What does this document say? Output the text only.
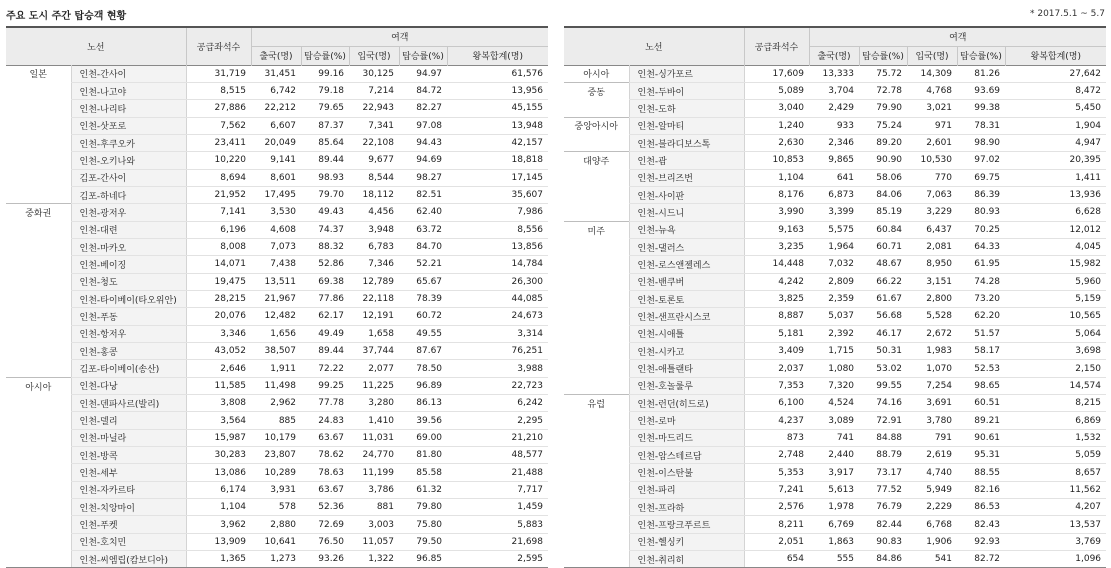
주요 도시 주간 탑승객 현황	* 2017.5.1 ~ 5.7
노선		공급좌석수	여객				
			출국(명)	탑승률(%)	입국(명)	탑승률(%)	왕복합계(명)
일본	인천-간사이	31,719	31,451	99.16	30,125	94.97	61,576
	인천-나고야	8,515	6,742	79.18	7,214	84.72	13,956
	인천-나리타	27,886	22,212	79.65	22,943	82.27	45,155
	인천-삿포로	7,562	6,607	87.37	7,341	97.08	13,948
	인천-후쿠오카	23,411	20,049	85.64	22,108	94.43	42,157
	인천-오키나와	10,220	9,141	89.44	9,677	94.69	18,818
	김포-간사이	8,694	8,601	98.93	8,544	98.27	17,145
	김포-하네다	21,952	17,495	79.70	18,112	82.51	35,607
중화권	인천-광저우	7,141	3,530	49.43	4,456	62.40	7,986
	인천-대련	6,196	4,608	74.37	3,948	63.72	8,556
	인천-마카오	8,008	7,073	88.32	6,783	84.70	13,856
	인천-베이징	14,071	7,438	52.86	7,346	52.21	14,784
	인천-청도	19,475	13,511	69.38	12,789	65.67	26,300
	인천-타이베이(타오위안)	28,215	21,967	77.86	22,118	78.39	44,085
	인천-푸동	20,076	12,482	62.17	12,191	60.72	24,673
	인천-항저우	3,346	1,656	49.49	1,658	49.55	3,314
	인천-홍콩	43,052	38,507	89.44	37,744	87.67	76,251
	김포-타이베이(송산)	2,646	1,911	72.22	2,077	78.50	3,988
아시아	인천-다낭	11,585	11,498	99.25	11,225	96.89	22,723
	인천-덴파사르(발리)	3,808	2,962	77.78	3,280	86.13	6,242
	인천-델리	3,564	885	24.83	1,410	39.56	2,295
	인천-마닐라	15,987	10,179	63.67	11,031	69.00	21,210
	인천-방콕	30,283	23,807	78.62	24,770	81.80	48,577
	인천-세부	13,086	10,289	78.63	11,199	85.58	21,488
	인천-자카르타	6,174	3,931	63.67	3,786	61.32	7,717
	인천-치앙마이	1,104	578	52.36	881	79.80	1,459
	인천-푸켓	3,962	2,880	72.69	3,003	75.80	5,883
	인천-호치민	13,909	10,641	76.50	11,057	79.50	21,698
	인천-씨엠립(캄보디아)	1,365	1,273	93.26	1,322	96.85	2,595
노선		공급좌석수	여객				
			출국(명)	탑승률(%)	입국(명)	탑승률(%)	왕복합계(명)
아시아	인천-싱가포르	17,609	13,333	75.72	14,309	81.26	27,642
중동	인천-두바이	5,089	3,704	72.78	4,768	93.69	8,472
	인천-도하	3,040	2,429	79.90	3,021	99.38	5,450
중앙아시아	인천-알마티	1,240	933	75.24	971	78.31	1,904
	인천-블라디보스톡	2,630	2,346	89.20	2,601	98.90	4,947
대양주	인천-괌	10,853	9,865	90.90	10,530	97.02	20,395
	인천-브리즈번	1,104	641	58.06	770	69.75	1,411
	인천-사이판	8,176	6,873	84.06	7,063	86.39	13,936
	인천-시드니	3,990	3,399	85.19	3,229	80.93	6,628
미주	인천-뉴욕	9,163	5,575	60.84	6,437	70.25	12,012
	인천-댈러스	3,235	1,964	60.71	2,081	64.33	4,045
	인천-로스앤젤레스	14,448	7,032	48.67	8,950	61.95	15,982
	인천-밴쿠버	4,242	2,809	66.22	3,151	74.28	5,960
	인천-토론토	3,825	2,359	61.67	2,800	73.20	5,159
	인천-샌프란시스코	8,887	5,037	56.68	5,528	62.20	10,565
	인천-시애틀	5,181	2,392	46.17	2,672	51.57	5,064
	인천-시카고	3,409	1,715	50.31	1,983	58.17	3,698
	인천-애틀랜타	2,037	1,080	53.02	1,070	52.53	2,150
	인천-호놀룰루	7,353	7,320	99.55	7,254	98.65	14,574
유럽	인천-런던(히드로)	6,100	4,524	74.16	3,691	60.51	8,215
	인천-로마	4,237	3,089	72.91	3,780	89.21	6,869
	인천-마드리드	873	741	84.88	791	90.61	1,532
	인천-암스테르담	2,748	2,440	88.79	2,619	95.31	5,059
	인천-이스탄불	5,353	3,917	73.17	4,740	88.55	8,657
	인천-파리	7,241	5,613	77.52	5,949	82.16	11,562
	인천-프라하	2,576	1,978	76.79	2,229	86.53	4,207
	인천-프랑크푸르트	8,211	6,769	82.44	6,768	82.43	13,537
	인천-헬싱키	2,051	1,863	90.83	1,906	92.93	3,769
	인천-취리히	654	555	84.86	541	82.72	1,096
